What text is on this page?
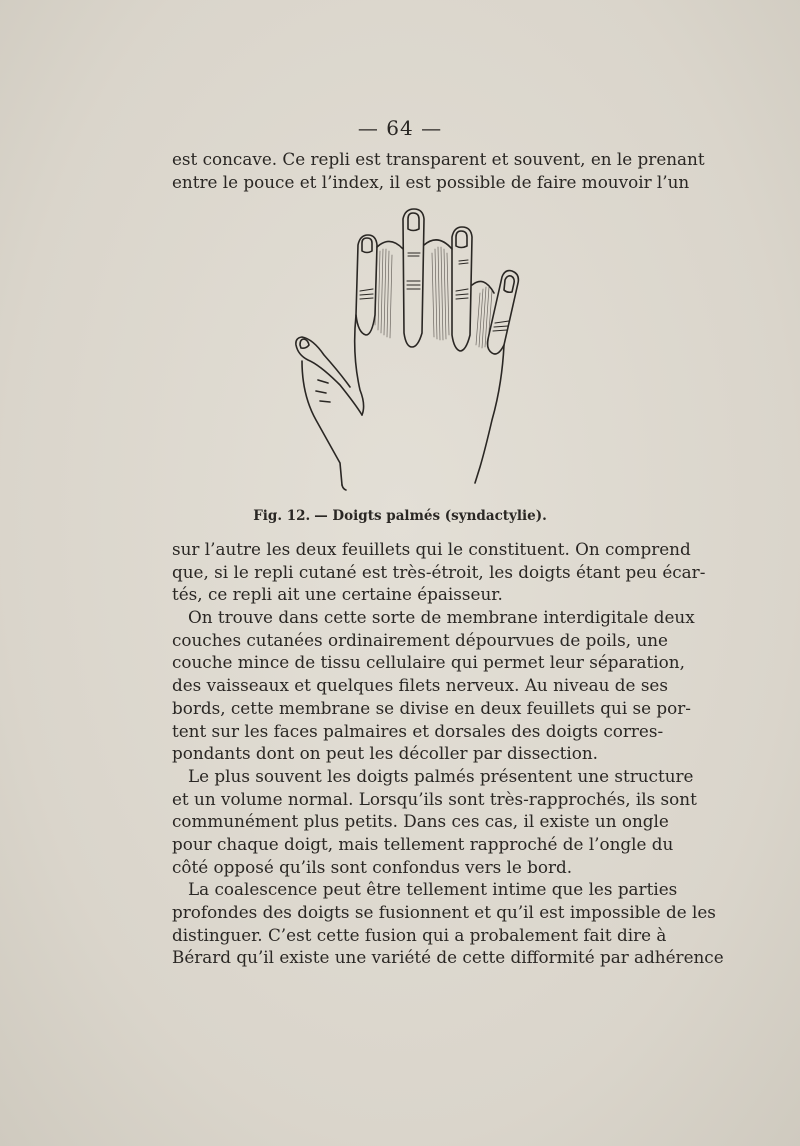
— 64 —
est concave. Ce repli est transparent et souvent, en le prenant
entre le pouce et l’index, il est possible de faire mouvoir l’un
Fig. 12. — Doigts palmés (syndactylie).
sur l’autre les deux feuillets qui le constituent. On comprend
que, si le repli cutané est très-étroit, les doigts étant peu écar-
tés, ce repli ait une certaine épaisseur.
On trouve dans cette sorte de membrane interdigitale deux
couches cutanées ordinairement dépourvues de poils, une
couche mince de tissu cellulaire qui permet leur séparation,
des vaisseaux et quelques filets nerveux. Au niveau de ses
bords, cette membrane se divise en deux feuillets qui se por-
tent sur les faces palmaires et dorsales des doigts corres-
pondants dont on peut les décoller par dissection.
Le plus souvent les doigts palmés présentent une structure
et un volume normal. Lorsqu’ils sont très-rapprochés, ils sont
communément plus petits. Dans ces cas, il existe un ongle
pour chaque doigt, mais tellement rapproché de l’ongle du
côté opposé qu’ils sont confondus vers le bord.
La coalescence peut être tellement intime que les parties
profondes des doigts se fusionnent et qu’il est impossible de les
distinguer. C’est cette fusion qui a probalement fait dire à
Bérard qu’il existe une variété de cette difformité par adhérence
